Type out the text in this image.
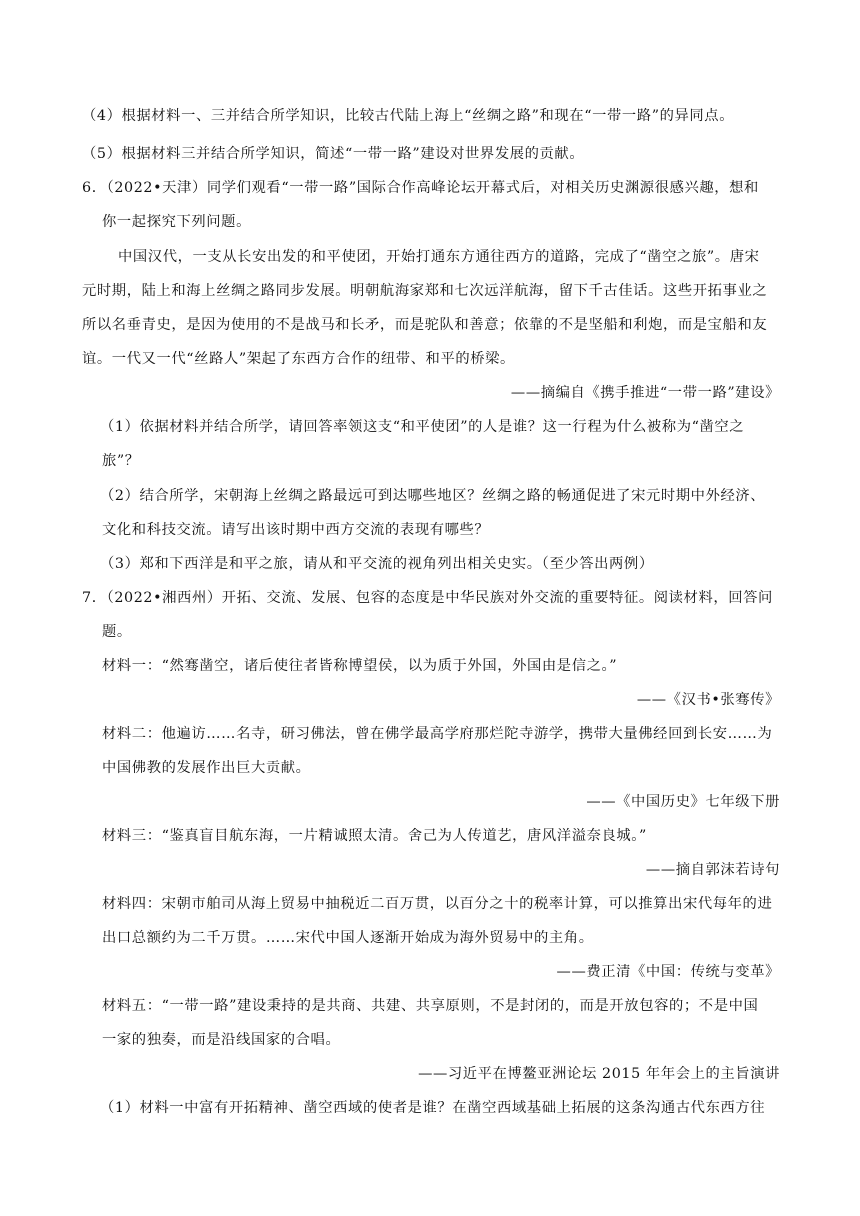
（4）根据材料一、三并结合所学知识，比较古代陆上海上“丝绸之路”和现在“一带一路”的异同点。
（5）根据材料三并结合所学知识，简述“一带一路”建设对世界发展的贡献。
6．（2022•天津）同学们观看“一带一路”国际合作高峰论坛开幕式后，对相关历史渊源很感兴趣，想和
你一起探究下列问题。
中国汉代，一支从长安出发的和平使团，开始打通东方通往西方的道路，完成了“凿空之旅”。唐宋
元时期，陆上和海上丝绸之路同步发展。明朝航海家郑和七次远洋航海，留下千古佳话。这些开拓事业之
所以名垂青史，是因为使用的不是战马和长矛，而是驼队和善意；依靠的不是坚船和利炮，而是宝船和友
谊。一代又一代“丝路人”架起了东西方合作的纽带、和平的桥梁。
——摘编自《携手推进“一带一路”建设》
（1）依据材料并结合所学，请回答率领这支“和平使团”的人是谁？这一行程为什么被称为“凿空之
旅”？
（2）结合所学，宋朝海上丝绸之路最远可到达哪些地区？丝绸之路的畅通促进了宋元时期中外经济、
文化和科技交流。请写出该时期中西方交流的表现有哪些？
（3）郑和下西洋是和平之旅，请从和平交流的视角列出相关史实。（至少答出两例）
7．（2022•湘西州）开拓、交流、发展、包容的态度是中华民族对外交流的重要特征。阅读材料，回答问
题。
材料一：“然骞凿空，诸后使往者皆称博望侯，以为质于外国，外国由是信之。”
——《汉书•张骞传》
材料二：他遍访……名寺，研习佛法，曾在佛学最高学府那烂陀寺游学，携带大量佛经回到长安……为
中国佛教的发展作出巨大贡献。
——《中国历史》七年级下册
材料三：“鉴真盲目航东海，一片精诚照太清。舍己为人传道艺，唐风洋溢奈良城。”
——摘自郭沫若诗句
材料四：宋朝市舶司从海上贸易中抽税近二百万贯，以百分之十的税率计算，可以推算出宋代每年的进
出口总额约为二千万贯。……宋代中国人逐渐开始成为海外贸易中的主角。
——费正清《中国：传统与变革》
材料五：“一带一路”建设秉持的是共商、共建、共享原则，不是封闭的，而是开放包容的；不是中国
一家的独奏，而是沿线国家的合唱。
——习近平在博鳌亚洲论坛 2015 年年会上的主旨演讲
（1）材料一中富有开拓精神、凿空西域的使者是谁？在凿空西域基础上拓展的这条沟通古代东西方往
